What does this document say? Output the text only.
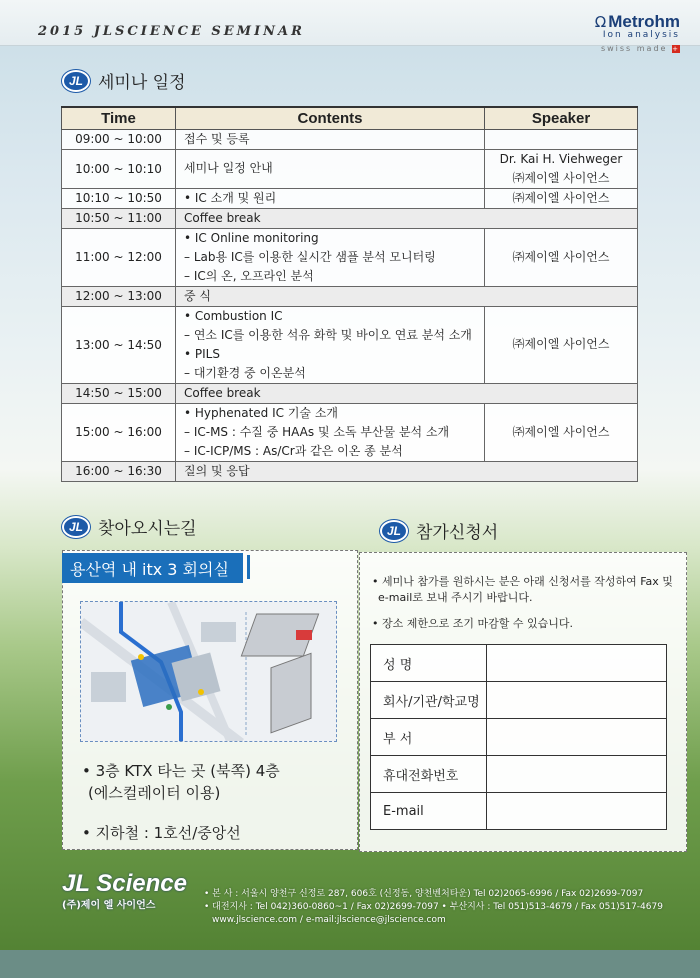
2015 JLSCIENCE SEMINAR
Ω Metrohm
Ion analysis
swiss made +
JL 세미나 일정
Time	Contents	Speaker
09:00 ~ 10:00	접수 및 등록	

10:00 ~ 10:10	세미나 일정 안내	Dr. Kai H. Viehweger
㈜제이엘 사이언스

10:10 ~ 10:50	• IC 소개 및 원리	㈜제이엘 사이언스

10:50 ~ 11:00	Coffee break	

11:00 ~ 12:00	• IC Online monitoring
– Lab용 IC를 이용한 실시간 샘플 분석 모니터링
– IC의 온, 오프라인 분석	㈜제이엘 사이언스

12:00 ~ 13:00	중 식	

13:00 ~ 14:50	• Combustion IC
– 연소 IC를 이용한 석유 화학 및 바이오 연료 분석 소개
• PILS
– 대기환경 중 이온분석	㈜제이엘 사이언스

14:50 ~ 15:00	Coffee break	

15:00 ~ 16:00	• Hyphenated IC 기술 소개
– IC-MS : 수질 중 HAAs 및 소독 부산물 분석 소개
– IC-ICP/MS : As/Cr과 같은 이온 종 분석	㈜제이엘 사이언스

16:00 ~ 16:30	질의 및 응답	
JL 찾아오시는길
용산역 내 itx 3 회의실
• 3층 KTX 타는 곳 (북쪽) 4층
(에스컬레이터 이용)
• 지하철 : 1호선/중앙선
JL 참가신청서
• 세미나 참가를 원하시는 분은 아래 신청서를 작성하여 Fax 및
e-mail로 보내 주시기 바랍니다.
• 장소 제한으로 조기 마감할 수 있습니다.
성 명	
회사/기관/학교명	
부 서	
휴대전화번호	
E-mail	
JL Science
(주)제이 엘 사이언스
• 본 사 : 서울시 양천구 신정로 287, 606호 (신정동, 양천벤처타운) Tel 02)2065-6996 / Fax 02)2699-7097
• 대전지사 : Tel 042)360-0860~1 / Fax 02)2699-7097 • 부산지사 : Tel 051)513-4679 / Fax 051)517-4679
www.jlscience.com / e-mail:jlscience@jlscience.com
